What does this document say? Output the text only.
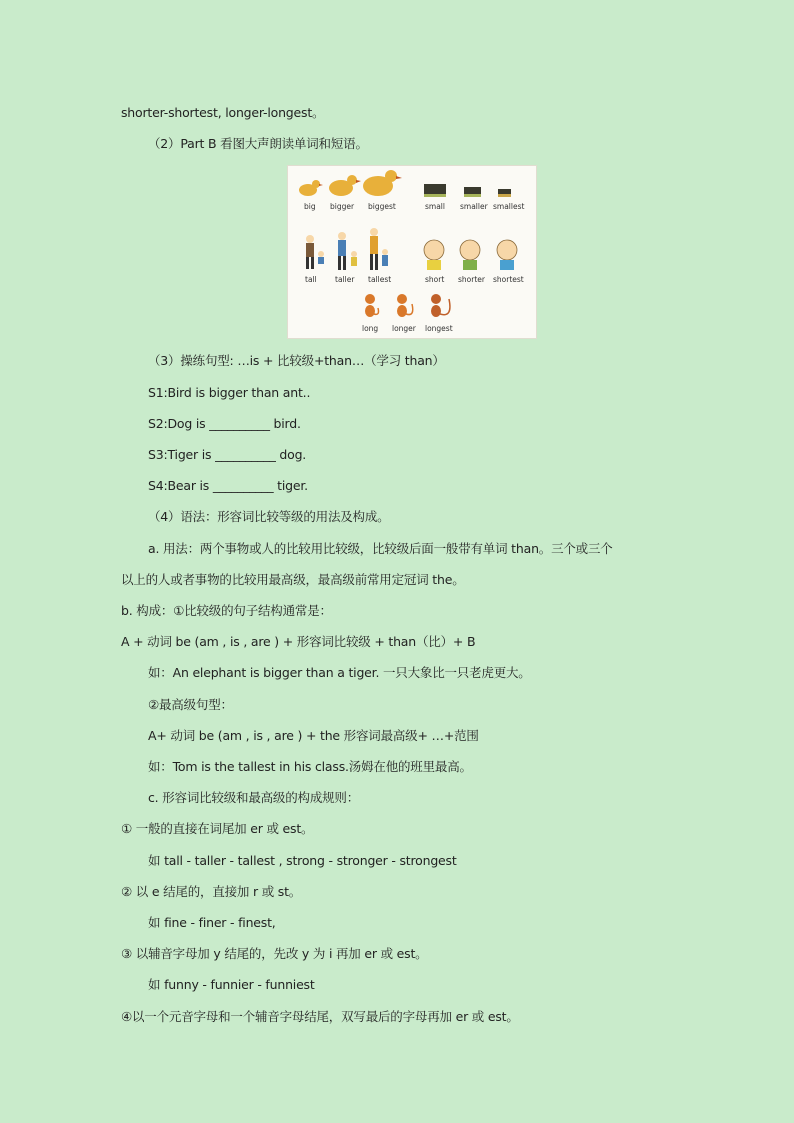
shorter-shortest, longer-longest。
（2）Part B 看图大声朗读单词和短语。
big bigger biggest	small smaller smallest
tall taller tallest	short shorter shortest
long longer longest
（3）操练句型: …is + 比较级+than…（学习 than）
S1:Bird is bigger than ant..
S2:Dog is __________ bird.
S3:Tiger is __________ dog.
S4:Bear is __________ tiger.
（4）语法：形容词比较等级的用法及构成。
a. 用法：两个事物或人的比较用比较级，比较级后面一般带有单词 than。三个或三个
以上的人或者事物的比较用最高级，最高级前常用定冠词 the。
b. 构成：①比较级的句子结构通常是：
A + 动词 be (am , is , are ) + 形容词比较级 + than（比）+ B
如：An elephant is bigger than a tiger. 一只大象比一只老虎更大。
②最高级句型：
A+ 动词 be (am , is , are ) + the 形容词最高级+ …+范围
如：Tom is the tallest in his class.汤姆在他的班里最高。
c. 形容词比较级和最高级的构成规则：
① 一般的直接在词尾加 er 或 est。
如 tall - taller - tallest , strong - stronger - strongest
② 以 e 结尾的，直接加 r 或 st。
如 fine - finer - finest,
③ 以辅音字母加 y 结尾的，先改 y 为 i 再加 er 或 est。
如 funny - funnier - funniest
④以一个元音字母和一个辅音字母结尾，双写最后的字母再加 er 或 est。
